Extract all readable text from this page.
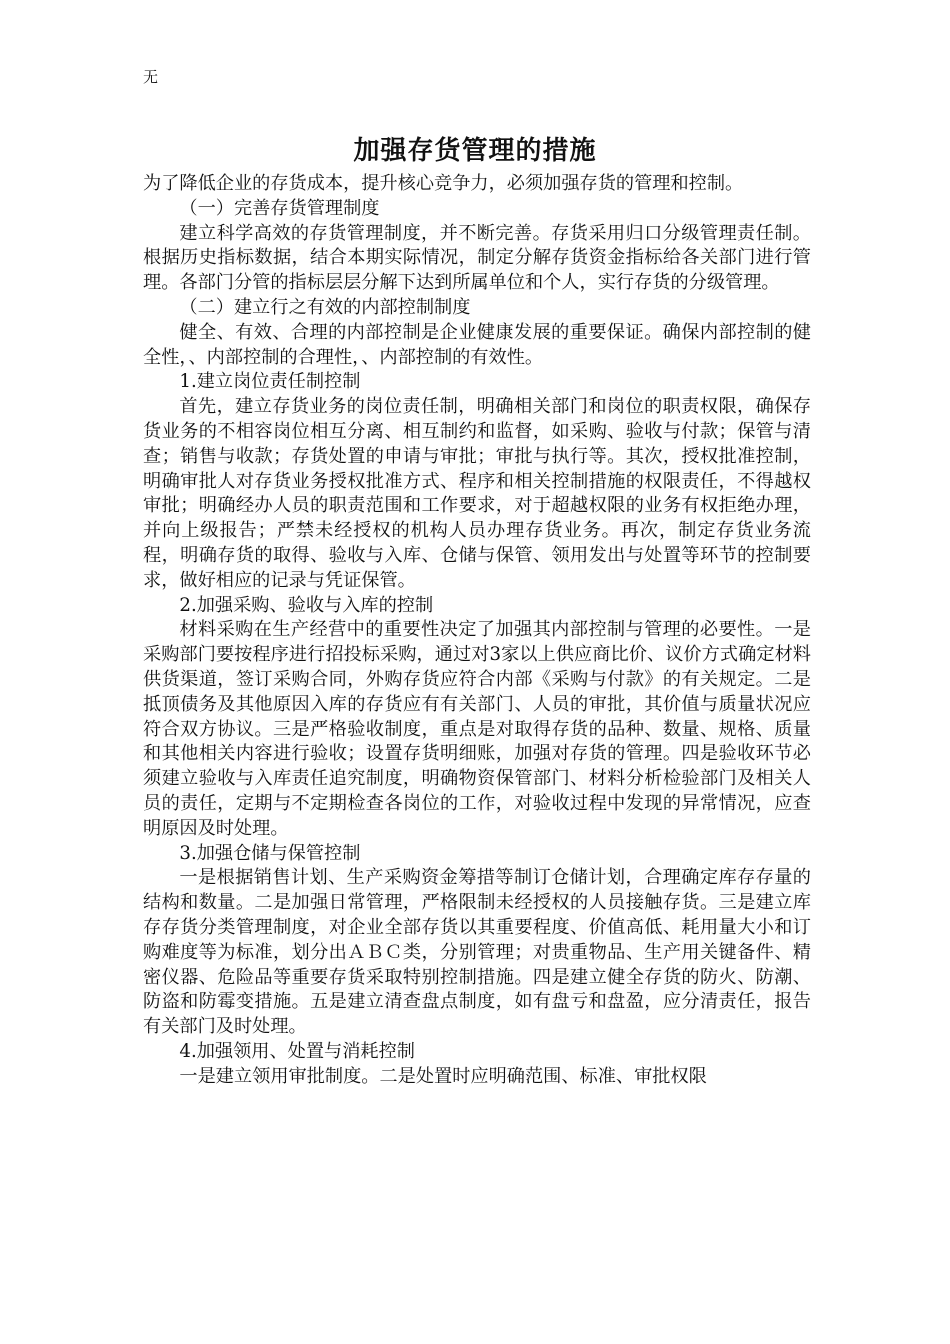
无
加强存货管理的措施

为了降低企业的存货成本，提升核心竞争力，必须加强存货的管理和控制。

（一）完善存货管理制度

建立科学高效的存货管理制度，并不断完善。存货采用归口分级管理责任制。根据历史指标数据，结合本期实际情况，制定分解存货资金指标给各关部门进行管理。各部门分管的指标层层分解下达到所属单位和个人，实行存货的分级管理。

（二）建立行之有效的内部控制制度

健全、有效、合理的内部控制是企业健康发展的重要保证。确保内部控制的健全性，、内部控制的合理性，、内部控制的有效性。

1.建立岗位责任制控制

首先，建立存货业务的岗位责任制，明确相关部门和岗位的职责权限，确保存货业务的不相容岗位相互分离、相互制约和监督，如采购、验收与付款；保管与清查；销售与收款；存货处置的申请与审批；审批与执行等。其次，授权批准控制，明确审批人对存货业务授权批准方式、程序和相关控制措施的权限责任，不得越权审批；明确经办人员的职责范围和工作要求，对于超越权限的业务有权拒绝办理，并向上级报告；严禁未经授权的机构人员办理存货业务。再次，制定存货业务流程，明确存货的取得、验收与入库、仓储与保管、领用发出与处置等环节的控制要求，做好相应的记录与凭证保管。

2.加强采购、验收与入库的控制

材料采购在生产经营中的重要性决定了加强其内部控制与管理的必要性。一是采购部门要按程序进行招投标采购，通过对3家以上供应商比价、议价方式确定材料供货渠道，签订采购合同，外购存货应符合内部《采购与付款》的有关规定。二是抵顶债务及其他原因入库的存货应有有关部门、人员的审批，其价值与质量状况应符合双方协议。三是严格验收制度，重点是对取得存货的品种、数量、规格、质量和其他相关内容进行验收；设置存货明细账，加强对存货的管理。四是验收环节必须建立验收与入库责任追究制度，明确物资保管部门、材料分析检验部门及相关人员的责任，定期与不定期检查各岗位的工作，对验收过程中发现的异常情况，应查明原因及时处理。

3.加强仓储与保管控制

一是根据销售计划、生产采购资金筹措等制订仓储计划，合理确定库存存量的结构和数量。二是加强日常管理，严格限制未经授权的人员接触存货。三是建立库存存货分类管理制度，对企业全部存货以其重要程度、价值高低、耗用量大小和订购难度等为标准，划分出ＡＢＣ类，分别管理；对贵重物品、生产用关键备件、精密仪器、危险品等重要存货采取特别控制措施。四是建立健全存货的防火、防潮、防盗和防霉变措施。五是建立清查盘点制度，如有盘亏和盘盈，应分清责任，报告有关部门及时处理。

4.加强领用、处置与消耗控制

一是建立领用审批制度。二是处置时应明确范围、标准、审批权限
